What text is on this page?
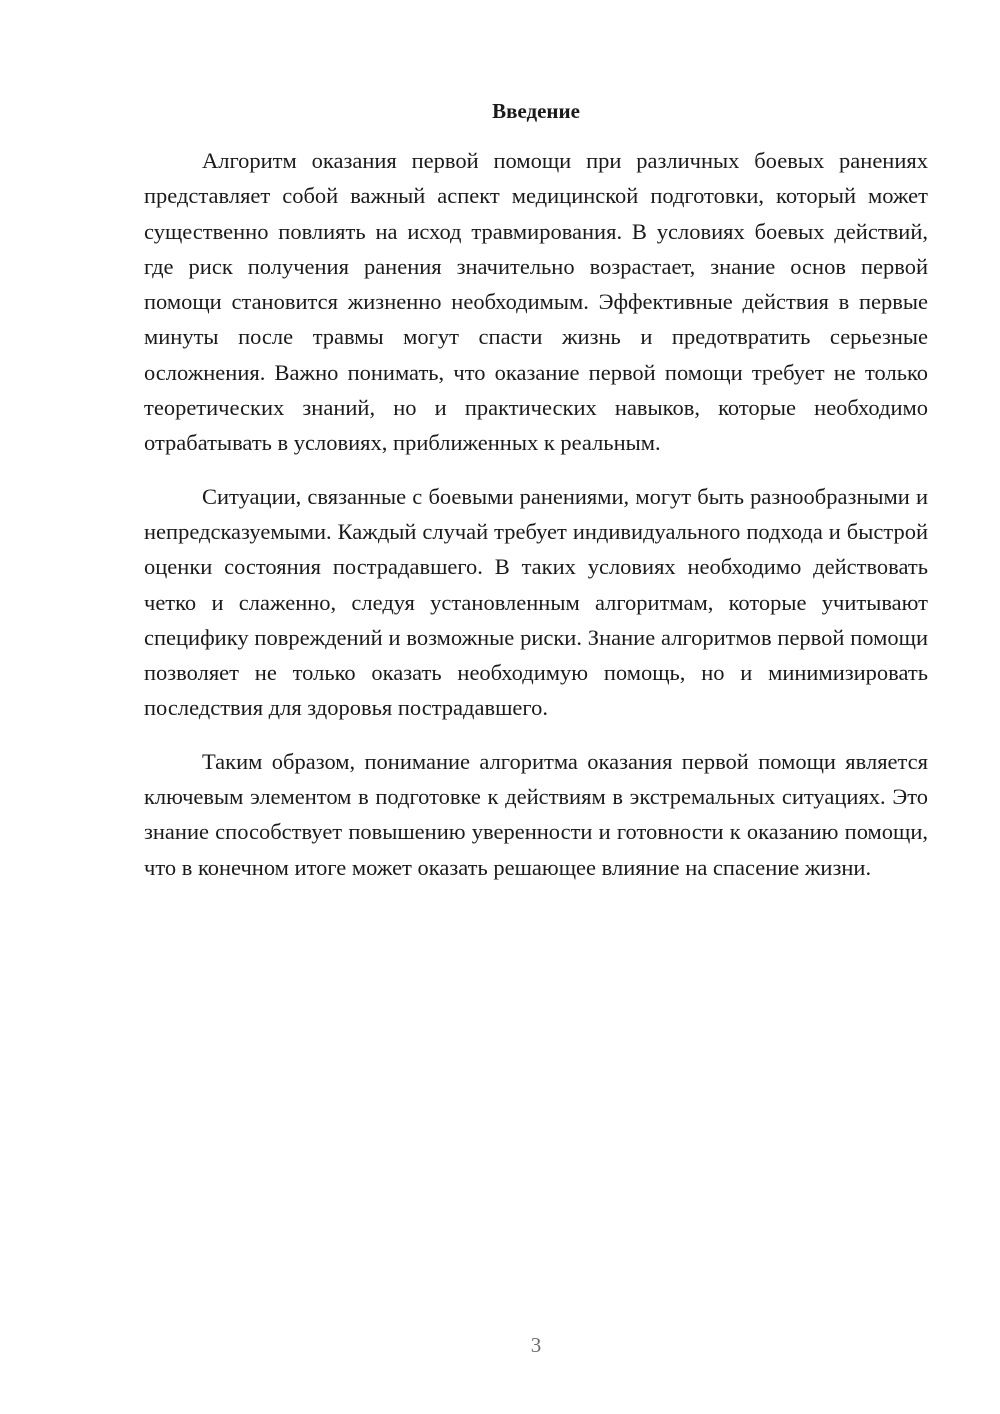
Введение

Алгоритм оказания первой помощи при различных боевых ранениях представляет собой важный аспект медицинской подготовки, который может существенно повлиять на исход травмирования. В условиях боевых действий, где риск получения ранения значительно возрастает, знание основ первой помощи становится жизненно необходимым. Эффективные действия в первые минуты после травмы могут спасти жизнь и предотвратить серьезные осложнения. Важно понимать, что оказание первой помощи требует не только теоретических знаний, но и практических навыков, которые необходимо отрабатывать в условиях, приближенных к реальным.

Ситуации, связанные с боевыми ранениями, могут быть разнообразными и непредсказуемыми. Каждый случай требует индивидуального подхода и быстрой оценки состояния пострадавшего. В таких условиях необходимо действовать четко и слаженно, следуя установленным алгоритмам, которые учитывают специфику повреждений и возможные риски. Знание алгоритмов первой помощи позволяет не только оказать необходимую помощь, но и минимизировать последствия для здоровья пострадавшего.

Таким образом, понимание алгоритма оказания первой помощи является ключевым элементом в подготовке к действиям в экстремальных ситуациях. Это знание способствует повышению уверенности и готовности к оказанию помощи, что в конечном итоге может оказать решающее влияние на спасение жизни.

3
